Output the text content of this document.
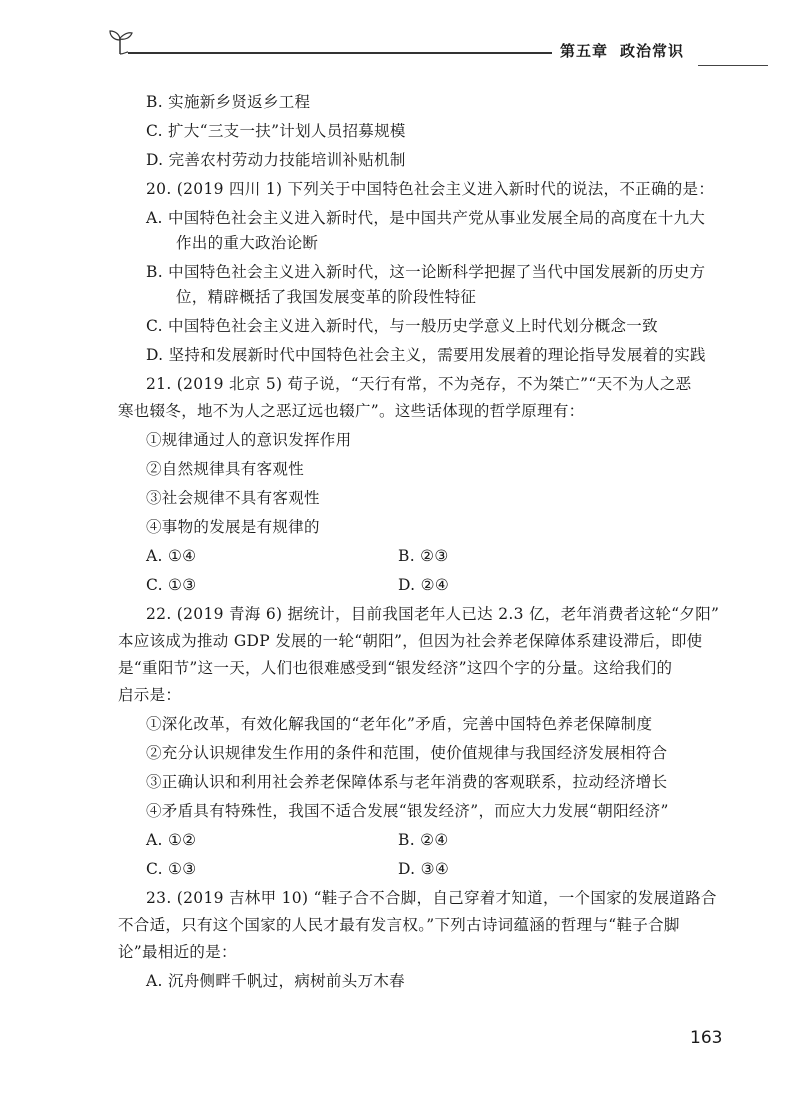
第五章 政治常识
B. 实施新乡贤返乡工程
C. 扩大“三支一扶”计划人员招募规模
D. 完善农村劳动力技能培训补贴机制
20. (2019 四川 1) 下列关于中国特色社会主义进入新时代的说法，不正确的是：
A. 中国特色社会主义进入新时代，是中国共产党从事业发展全局的高度在十九大
作出的重大政治论断
B. 中国特色社会主义进入新时代，这一论断科学把握了当代中国发展新的历史方
位，精辟概括了我国发展变革的阶段性特征
C. 中国特色社会主义进入新时代，与一般历史学意义上时代划分概念一致
D. 坚持和发展新时代中国特色社会主义，需要用发展着的理论指导发展着的实践
21. (2019 北京 5) 荀子说，“天行有常，不为尧存，不为桀亡”“天不为人之恶
寒也辍冬，地不为人之恶辽远也辍广”。这些话体现的哲学原理有：
①规律通过人的意识发挥作用
②自然规律具有客观性
③社会规律不具有客观性
④事物的发展是有规律的
A. ①④	B. ②③
C. ①③	D. ②④
22. (2019 青海 6) 据统计，目前我国老年人已达 2.3 亿，老年消费者这轮“夕阳”
本应该成为推动 GDP 发展的一轮“朝阳”，但因为社会养老保障体系建设滞后，即使
是“重阳节”这一天，人们也很难感受到“银发经济”这四个字的分量。这给我们的
启示是：
①深化改革，有效化解我国的“老年化”矛盾，完善中国特色养老保障制度
②充分认识规律发生作用的条件和范围，使价值规律与我国经济发展相符合
③正确认识和利用社会养老保障体系与老年消费的客观联系，拉动经济增长
④矛盾具有特殊性，我国不适合发展“银发经济”，而应大力发展“朝阳经济”
A. ①②	B. ②④
C. ①③	D. ③④
23. (2019 吉林甲 10) “鞋子合不合脚，自己穿着才知道，一个国家的发展道路合
不合适，只有这个国家的人民才最有发言权。”下列古诗词蕴涵的哲理与“鞋子合脚
论”最相近的是：
A. 沉舟侧畔千帆过，病树前头万木春
163
